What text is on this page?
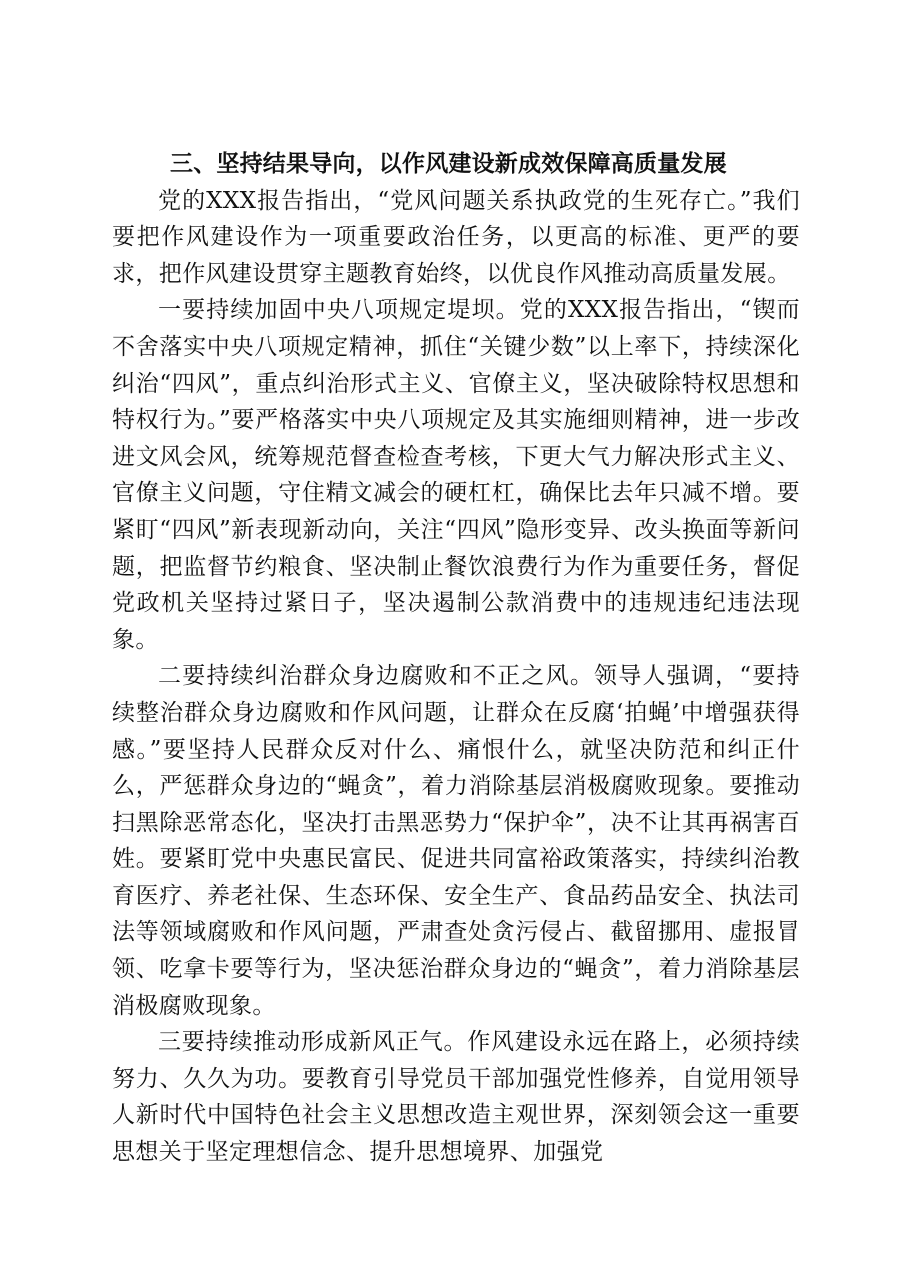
三、坚持结果导向，以作风建设新成效保障高质量发展

党的XXX报告指出，“党风问题关系执政党的生死存亡。”我们要把作风建设作为一项重要政治任务，以更高的标准、更严的要求，把作风建设贯穿主题教育始终，以优良作风推动高质量发展。

一要持续加固中央八项规定堤坝。党的XXX报告指出，“锲而不舍落实中央八项规定精神，抓住“关键少数”以上率下，持续深化纠治“四风”，重点纠治形式主义、官僚主义，坚决破除特权思想和特权行为。”要严格落实中央八项规定及其实施细则精神，进一步改进文风会风，统筹规范督查检查考核，下更大气力解决形式主义、官僚主义问题，守住精文减会的硬杠杠，确保比去年只减不增。要紧盯“四风”新表现新动向，关注“四风”隐形变异、改头换面等新问题，把监督节约粮食、坚决制止餐饮浪费行为作为重要任务，督促党政机关坚持过紧日子，坚决遏制公款消费中的违规违纪违法现象。

二要持续纠治群众身边腐败和不正之风。领导人强调，“要持续整治群众身边腐败和作风问题，让群众在反腐‘拍蝇’中增强获得感。”要坚持人民群众反对什么、痛恨什么，就坚决防范和纠正什么，严惩群众身边的“蝇贪”，着力消除基层消极腐败现象。要推动扫黑除恶常态化，坚决打击黑恶势力“保护伞”，决不让其再祸害百姓。要紧盯党中央惠民富民、促进共同富裕政策落实，持续纠治教育医疗、养老社保、生态环保、安全生产、食品药品安全、执法司法等领域腐败和作风问题，严肃查处贪污侵占、截留挪用、虚报冒领、吃拿卡要等行为，坚决惩治群众身边的“蝇贪”，着力消除基层消极腐败现象。

三要持续推动形成新风正气。作风建设永远在路上，必须持续努力、久久为功。要教育引导党员干部加强党性修养，自觉用领导人新时代中国特色社会主义思想改造主观世界，深刻领会这一重要思想关于坚定理想信念、提升思想境界、加强党
